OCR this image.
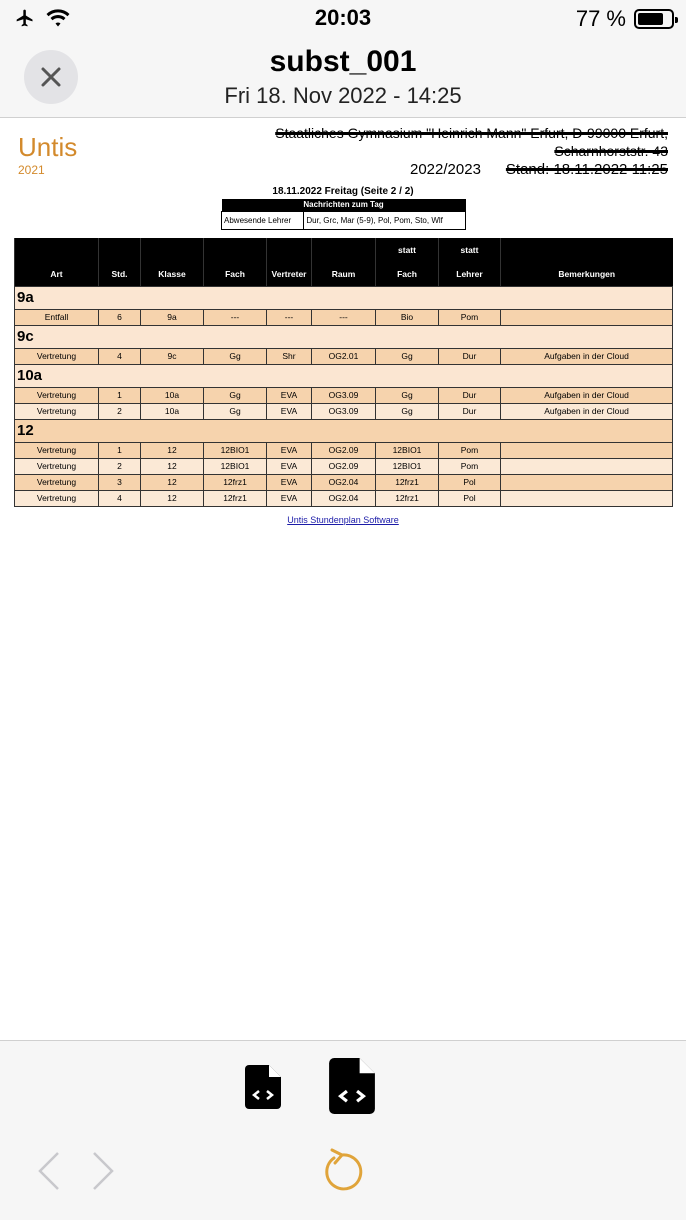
20:03	77 %
subst_001
Fri 18. Nov 2022 - 14:25
Untis
2021
Staatliches Gymnasium "Heinrich Mann" Erfurt, D-99000 Erfurt,
Scharnhorststr. 43
2022/2023 Stand: 18.11.2022 11:25
18.11.2022 Freitag (Seite 2 / 2)
Nachrichten zum Tag
Abwesende Lehrer	Dur, Grc, Mar (5-9), Pol, Pom, Sto, Wlf
						statt	statt	
Art	Std.	Klasse	Fach	Vertreter	Raum	Fach	Lehrer	Bemerkungen
9a								
Entfall	6	9a	---	---	---	Bio	Pom	
9c								
Vertretung	4	9c	Gg	Shr	OG2.01	Gg	Dur	Aufgaben in der Cloud
10a								
Vertretung	1	10a	Gg	EVA	OG3.09	Gg	Dur	Aufgaben in der Cloud
Vertretung	2	10a	Gg	EVA	OG3.09	Gg	Dur	Aufgaben in der Cloud
12								
Vertretung	1	12	12BIO1	EVA	OG2.09	12BIO1	Pom	
Vertretung	2	12	12BIO1	EVA	OG2.09	12BIO1	Pom	
Vertretung	3	12	12frz1	EVA	OG2.04	12frz1	Pol	
Vertretung	4	12	12frz1	EVA	OG2.04	12frz1	Pol	
Untis Stundenplan Software
